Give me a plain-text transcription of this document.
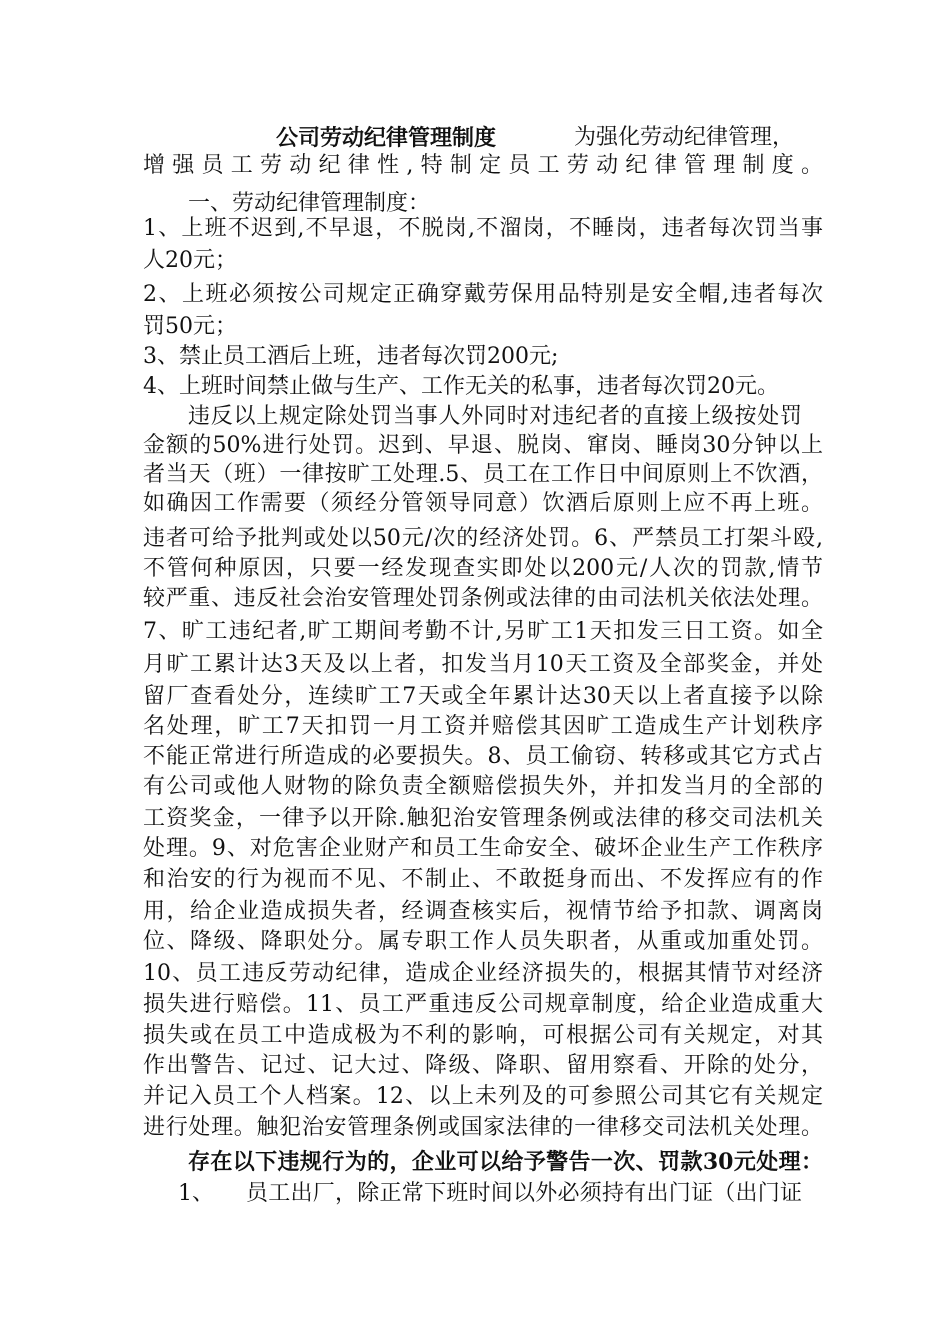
公司劳动纪律管理制度	为强化劳动纪律管理，
增强员工劳动纪律性,特制定员工劳动纪律管理制度。
一、劳动纪律管理制度：
1、上班不迟到,不早退，不脱岗,不溜岗，不睡岗，违者每次罚当事
人20元；
2、上班必须按公司规定正确穿戴劳保用品特别是安全帽,违者每次
罚50元；
3、禁止员工酒后上班，违者每次罚200元;
4、上班时间禁止做与生产、工作无关的私事，违者每次罚20元。
违反以上规定除处罚当事人外同时对违纪者的直接上级按处罚
金额的50%进行处罚。迟到、早退、脱岗、窜岗、睡岗30分钟以上
者当天（班）一律按旷工处理.5、员工在工作日中间原则上不饮酒，
如确因工作需要（须经分管领导同意）饮酒后原则上应不再上班。
违者可给予批判或处以50元/次的经济处罚。6、严禁员工打架斗殴,
不管何种原因，只要一经发现查实即处以200元/人次的罚款,情节
较严重、违反社会治安管理处罚条例或法律的由司法机关依法处理。
7、旷工违纪者,旷工期间考勤不计,另旷工1天扣发三日工资。如全
月旷工累计达3天及以上者，扣发当月10天工资及全部奖金，并处
留厂查看处分，连续旷工7天或全年累计达30天以上者直接予以除
名处理，旷工7天扣罚一月工资并赔偿其因旷工造成生产计划秩序
不能正常进行所造成的必要损失。8、员工偷窃、转移或其它方式占
有公司或他人财物的除负责全额赔偿损失外，并扣发当月的全部的
工资奖金，一律予以开除.触犯治安管理条例或法律的移交司法机关
处理。9、对危害企业财产和员工生命安全、破坏企业生产工作秩序
和治安的行为视而不见、不制止、不敢挺身而出、不发挥应有的作
用，给企业造成损失者，经调查核实后，视情节给予扣款、调离岗
位、降级、降职处分。属专职工作人员失职者，从重或加重处罚。
10、员工违反劳动纪律，造成企业经济损失的，根据其情节对经济
损失进行赔偿。11、员工严重违反公司规章制度，给企业造成重大
损失或在员工中造成极为不利的影响，可根据公司有关规定，对其
作出警告、记过、记大过、降级、降职、留用察看、开除的处分，
并记入员工个人档案。12、以上未列及的可参照公司其它有关规定
进行处理。触犯治安管理条例或国家法律的一律移交司法机关处理。
存在以下违规行为的，企业可以给予警告一次、罚款30元处理：
1、	员工出厂，除正常下班时间以外必须持有出门证（出门证
